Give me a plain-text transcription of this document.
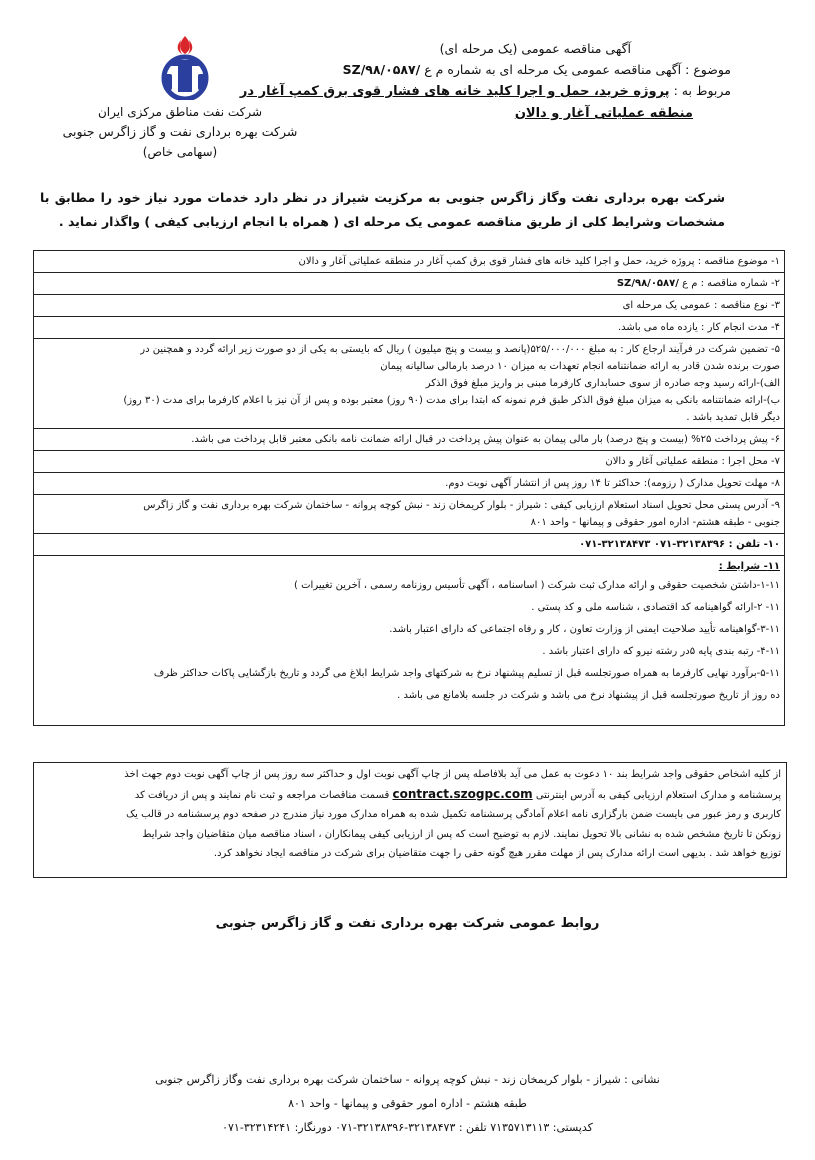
شرکت نفت مناطق مرکزی ایران
شرکت بهره برداری نفت و گاز زاگرس جنوبی
(سهامی خاص)
آگهی مناقصه عمومی (یک مرحله ای)
موضوع : آگهی مناقصه عمومی یک مرحله ای به شماره م ع SZ/۹۸/۰۵۸۷/
مربوط به : پروژه خرید، حمل و اجرا کلید خانه های فشار قوی برق کمپ آغار در
منطقه عملیاتی آغار و دالان
شرکت بهره برداری نفت وگاز زاگرس جنوبی به مرکزیت شیراز در نظر دارد خدمات مورد نیاز خود را مطابق با مشخصات وشرایط کلی از طریق مناقصه عمومی یک مرحله ای ( همراه با انجام ارزیابی کیفی ) واگذار نماید .
۱- موضوع مناقصه : پروژه خرید، حمل و اجرا کلید خانه های فشار قوی برق کمپ آغار در منطقه عملیاتی آغار و دالان

۲- شماره مناقصه : م ع SZ/۹۸/۰۵۸۷/

۳- نوع مناقصه : عمومی یک مرحله ای

۴- مدت انجام کار : یازده ماه می باشد.

۵- تضمین شرکت در فرآیند ارجاع کار : به مبلغ ۵۲۵/۰۰۰/۰۰۰(پانصد و بیست و پنج میلیون ) ریال که بایستی به یکی از دو صورت زیر ارائه گردد و همچنین در
صورت برنده شدن قادر به ارائه ضمانتنامه انجام تعهدات به میزان ۱۰ درصد بارمالی سالیانه پیمان
الف)-ارائه رسید وجه صادره از سوی حسابداری کارفرما مبنی بر واریز مبلغ فوق الذکر
ب)-ارائه ضمانتنامه بانکی به میزان مبلغ فوق الذکر طبق فرم نمونه که ابتدا برای مدت (۹۰ روز) معتبر بوده و پس از آن نیز با اعلام کارفرما برای مدت (۳۰ روز)
دیگر قابل تمدید باشد .

۶- پیش پرداخت ۲۵% (بیست و پنج درصد) بار مالی پیمان به عنوان پیش پرداخت در قبال ارائه ضمانت نامه بانکی معتبر قابل پرداخت می باشد.

۷- محل اجرا : منطقه عملیاتی آغار و دالان

۸- مهلت تحویل مدارک ( رزومه): حداکثر تا ۱۴ روز پس از انتشار آگهی نوبت دوم.

۹- آدرس پستی محل تحویل اسناد استعلام ارزیابی کیفی : شیراز - بلوار کریمخان زند - نبش کوچه پروانه - ساختمان شرکت بهره برداری نفت و گاز زاگرس
جنوبی - طبقه هشتم- اداره امور حقوقی و پیمانها - واحد ۸۰۱

۱۰- تلفن : ۳۲۱۳۸۳۹۶-۰۷۱ ۳۲۱۳۸۴۷۳-۰۷۱

۱۱- شرایط :
۱-۱۱-داشتن شخصیت حقوقی و ارائه مدارک ثبت شرکت ( اساسنامه ، آگهی تأسیس روزنامه رسمی ، آخرین تغییرات )
۱۱- ۲-ارائه گواهینامه کد اقتصادی ، شناسه ملی و کد پستی .
۳-۱۱-گواهینامه تأیید صلاحیت ایمنی از وزارت تعاون ، کار و رفاه اجتماعی که دارای اعتبار باشد.
۴-۱۱- رتبه بندی پایه ۵در رشته نیرو که دارای اعتبار باشد .
۵-۱۱-برآورد نهایی کارفرما به همراه صورتجلسه قبل از تسلیم پیشنهاد نرخ به شرکتهای واجد شرایط ابلاغ می گردد و تاریخ بازگشایی پاکات حداکثر ظرف
ده روز از تاریخ صورتجلسه قبل از پیشنهاد نرخ می باشد و شرکت در جلسه بلامانع می باشد .
از کلیه اشخاص حقوقی واجد شرایط بند ۱۰ دعوت به عمل می آید بلافاصله پس از چاپ آگهی نوبت اول و حداکثر سه روز پس از چاپ آگهی نوبت دوم جهت اخذ
پرسشنامه و مدارک استعلام ارزیابی کیفی به آدرس اینترنتی contract.szogpc.com قسمت مناقصات مراجعه و ثبت نام نمایند و پس از دریافت کد
کاربری و رمز عبور می بایست ضمن بارگزاری نامه اعلام آمادگی پرسشنامه تکمیل شده به همراه مدارک مورد نیاز مندرج در صفحه دوم پرسشنامه در قالب یک
زونکن تا تاریخ مشخص شده به نشانی بالا تحویل نمایند. لازم به توضیح است که پس از ارزیابی کیفی پیمانکاران ، اسناد مناقصه میان متقاضیان واجد شرایط
توزیع خواهد شد . بدیهی است ارائه مدارک پس از مهلت مقرر هیچ گونه حقی را جهت متقاضیان برای شرکت در مناقصه ایجاد نخواهد کرد.
روابط عمومی شرکت بهره برداری نفت و گاز زاگرس جنوبی
نشانی : شیراز - بلوار کریمخان زند - نبش کوچه پروانه - ساختمان شرکت بهره برداری نفت وگاز زاگرس جنوبی
طبقه هشتم - اداره امور حقوقی و پیمانها - واحد ۸۰۱
کدپستی: ۷۱۳۵۷۱۳۱۱۳ تلفن : ۳۲۱۳۸۴۷۳-۳۲۱۳۸۳۹۶-۰۷۱ دورنگار: ۳۲۳۱۴۲۴۱-۰۷۱
